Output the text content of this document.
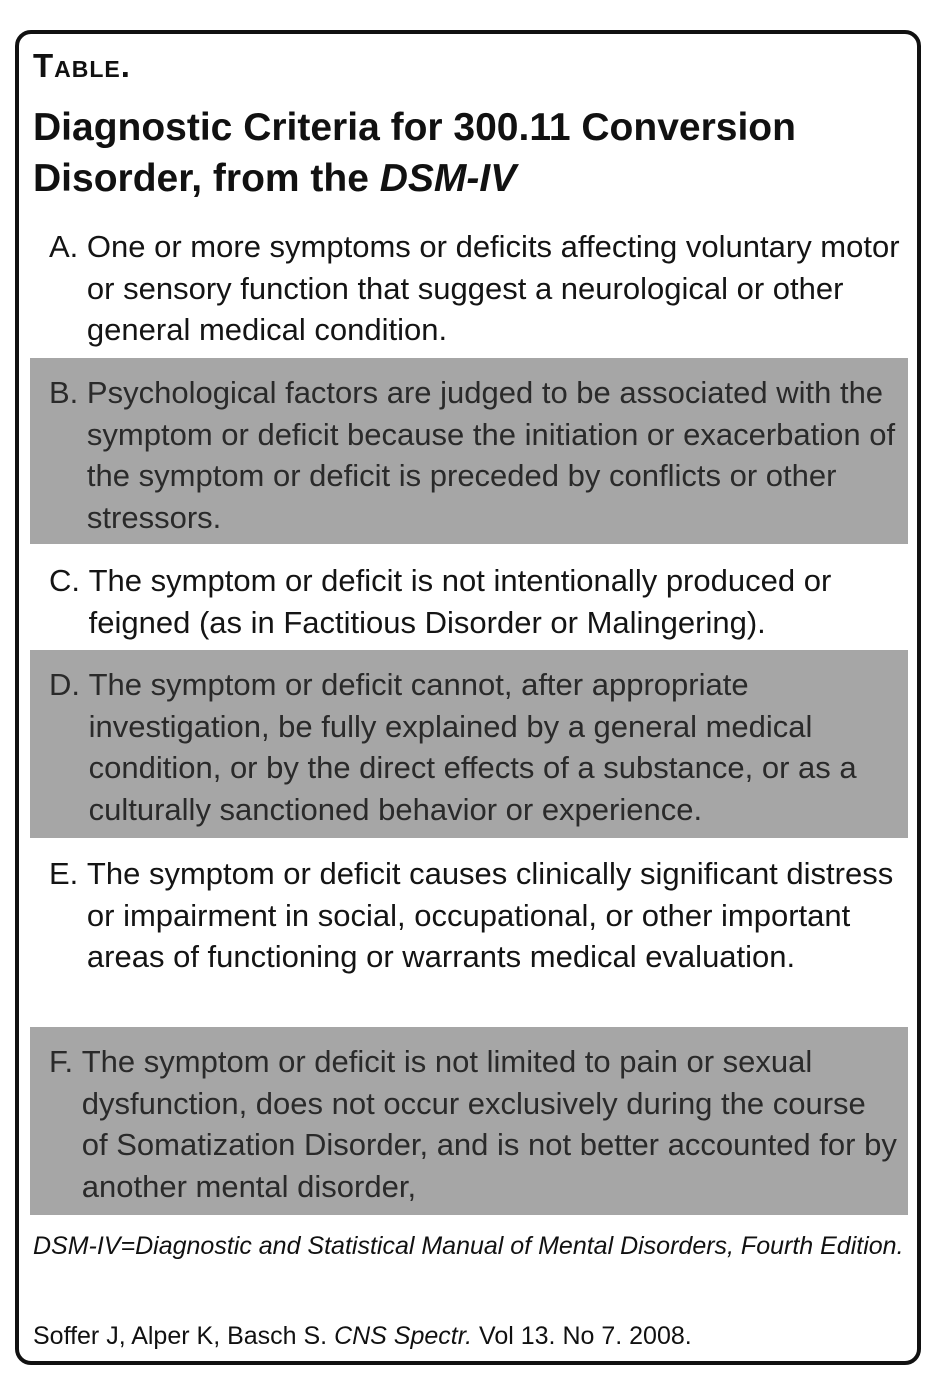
Table.
Diagnostic Criteria for 300.11 Conversion Disorder, from the DSM-IV
A.
One or more symptoms or deficits affecting voluntary motor or sensory function that suggest a neurological or other general medical condition.
B.
Psychological factors are judged to be associated with the symptom or deficit because the initiation or exacerbation of the symptom or deficit is preceded by conflicts or other stressors.
C.
The symptom or deficit is not intentionally produced or feigned (as in Factitious Disorder or Malingering).
D.
The symptom or deficit cannot, after appropriate investigation, be fully explained by a general medical condition, or by the direct effects of a substance, or as a culturally sanctioned behavior or experience.
E.
The symptom or deficit causes clinically significant distress or impairment in social, occupational, or other important areas of functioning or warrants medical evaluation.
F.
The symptom or deficit is not limited to pain or sexual dysfunction, does not occur exclusively during the course of Somatization Disorder, and is not better accounted for by another mental disorder,
DSM-IV=Diagnostic and Statistical Manual of Mental Disorders, Fourth Edition.
Soffer J, Alper K, Basch S. CNS Spectr. Vol 13. No 7. 2008.
